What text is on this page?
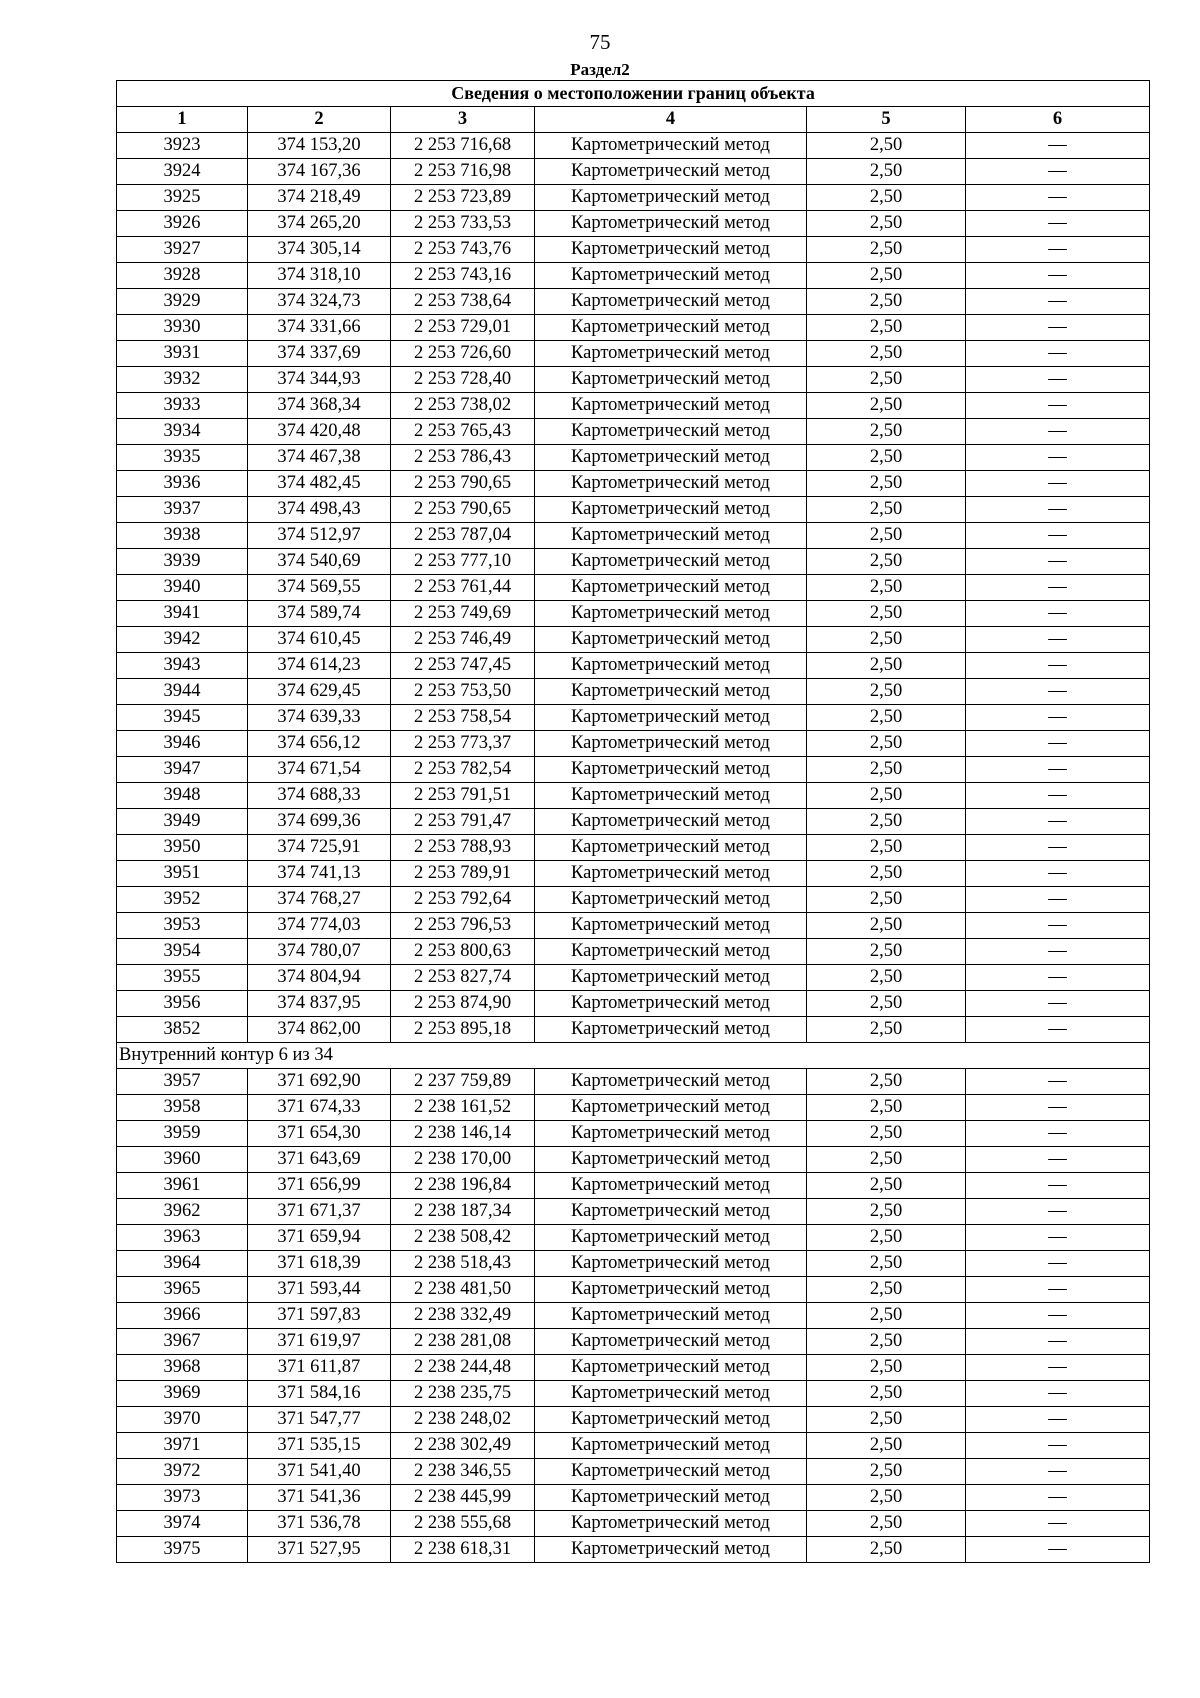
75
Раздел2
Сведения о местоположении границ объекта					
1	2	3	4	5	6
3923	374 153,20	2 253 716,68	Картометрический метод	2,50	—
3924	374 167,36	2 253 716,98	Картометрический метод	2,50	—
3925	374 218,49	2 253 723,89	Картометрический метод	2,50	—
3926	374 265,20	2 253 733,53	Картометрический метод	2,50	—
3927	374 305,14	2 253 743,76	Картометрический метод	2,50	—
3928	374 318,10	2 253 743,16	Картометрический метод	2,50	—
3929	374 324,73	2 253 738,64	Картометрический метод	2,50	—
3930	374 331,66	2 253 729,01	Картометрический метод	2,50	—
3931	374 337,69	2 253 726,60	Картометрический метод	2,50	—
3932	374 344,93	2 253 728,40	Картометрический метод	2,50	—
3933	374 368,34	2 253 738,02	Картометрический метод	2,50	—
3934	374 420,48	2 253 765,43	Картометрический метод	2,50	—
3935	374 467,38	2 253 786,43	Картометрический метод	2,50	—
3936	374 482,45	2 253 790,65	Картометрический метод	2,50	—
3937	374 498,43	2 253 790,65	Картометрический метод	2,50	—
3938	374 512,97	2 253 787,04	Картометрический метод	2,50	—
3939	374 540,69	2 253 777,10	Картометрический метод	2,50	—
3940	374 569,55	2 253 761,44	Картометрический метод	2,50	—
3941	374 589,74	2 253 749,69	Картометрический метод	2,50	—
3942	374 610,45	2 253 746,49	Картометрический метод	2,50	—
3943	374 614,23	2 253 747,45	Картометрический метод	2,50	—
3944	374 629,45	2 253 753,50	Картометрический метод	2,50	—
3945	374 639,33	2 253 758,54	Картометрический метод	2,50	—
3946	374 656,12	2 253 773,37	Картометрический метод	2,50	—
3947	374 671,54	2 253 782,54	Картометрический метод	2,50	—
3948	374 688,33	2 253 791,51	Картометрический метод	2,50	—
3949	374 699,36	2 253 791,47	Картометрический метод	2,50	—
3950	374 725,91	2 253 788,93	Картометрический метод	2,50	—
3951	374 741,13	2 253 789,91	Картометрический метод	2,50	—
3952	374 768,27	2 253 792,64	Картометрический метод	2,50	—
3953	374 774,03	2 253 796,53	Картометрический метод	2,50	—
3954	374 780,07	2 253 800,63	Картометрический метод	2,50	—
3955	374 804,94	2 253 827,74	Картометрический метод	2,50	—
3956	374 837,95	2 253 874,90	Картометрический метод	2,50	—
3852	374 862,00	2 253 895,18	Картометрический метод	2,50	—
Внутренний контур 6 из 34					
3957	371 692,90	2 237 759,89	Картометрический метод	2,50	—
3958	371 674,33	2 238 161,52	Картометрический метод	2,50	—
3959	371 654,30	2 238 146,14	Картометрический метод	2,50	—
3960	371 643,69	2 238 170,00	Картометрический метод	2,50	—
3961	371 656,99	2 238 196,84	Картометрический метод	2,50	—
3962	371 671,37	2 238 187,34	Картометрический метод	2,50	—
3963	371 659,94	2 238 508,42	Картометрический метод	2,50	—
3964	371 618,39	2 238 518,43	Картометрический метод	2,50	—
3965	371 593,44	2 238 481,50	Картометрический метод	2,50	—
3966	371 597,83	2 238 332,49	Картометрический метод	2,50	—
3967	371 619,97	2 238 281,08	Картометрический метод	2,50	—
3968	371 611,87	2 238 244,48	Картометрический метод	2,50	—
3969	371 584,16	2 238 235,75	Картометрический метод	2,50	—
3970	371 547,77	2 238 248,02	Картометрический метод	2,50	—
3971	371 535,15	2 238 302,49	Картометрический метод	2,50	—
3972	371 541,40	2 238 346,55	Картометрический метод	2,50	—
3973	371 541,36	2 238 445,99	Картометрический метод	2,50	—
3974	371 536,78	2 238 555,68	Картометрический метод	2,50	—
3975	371 527,95	2 238 618,31	Картометрический метод	2,50	—
